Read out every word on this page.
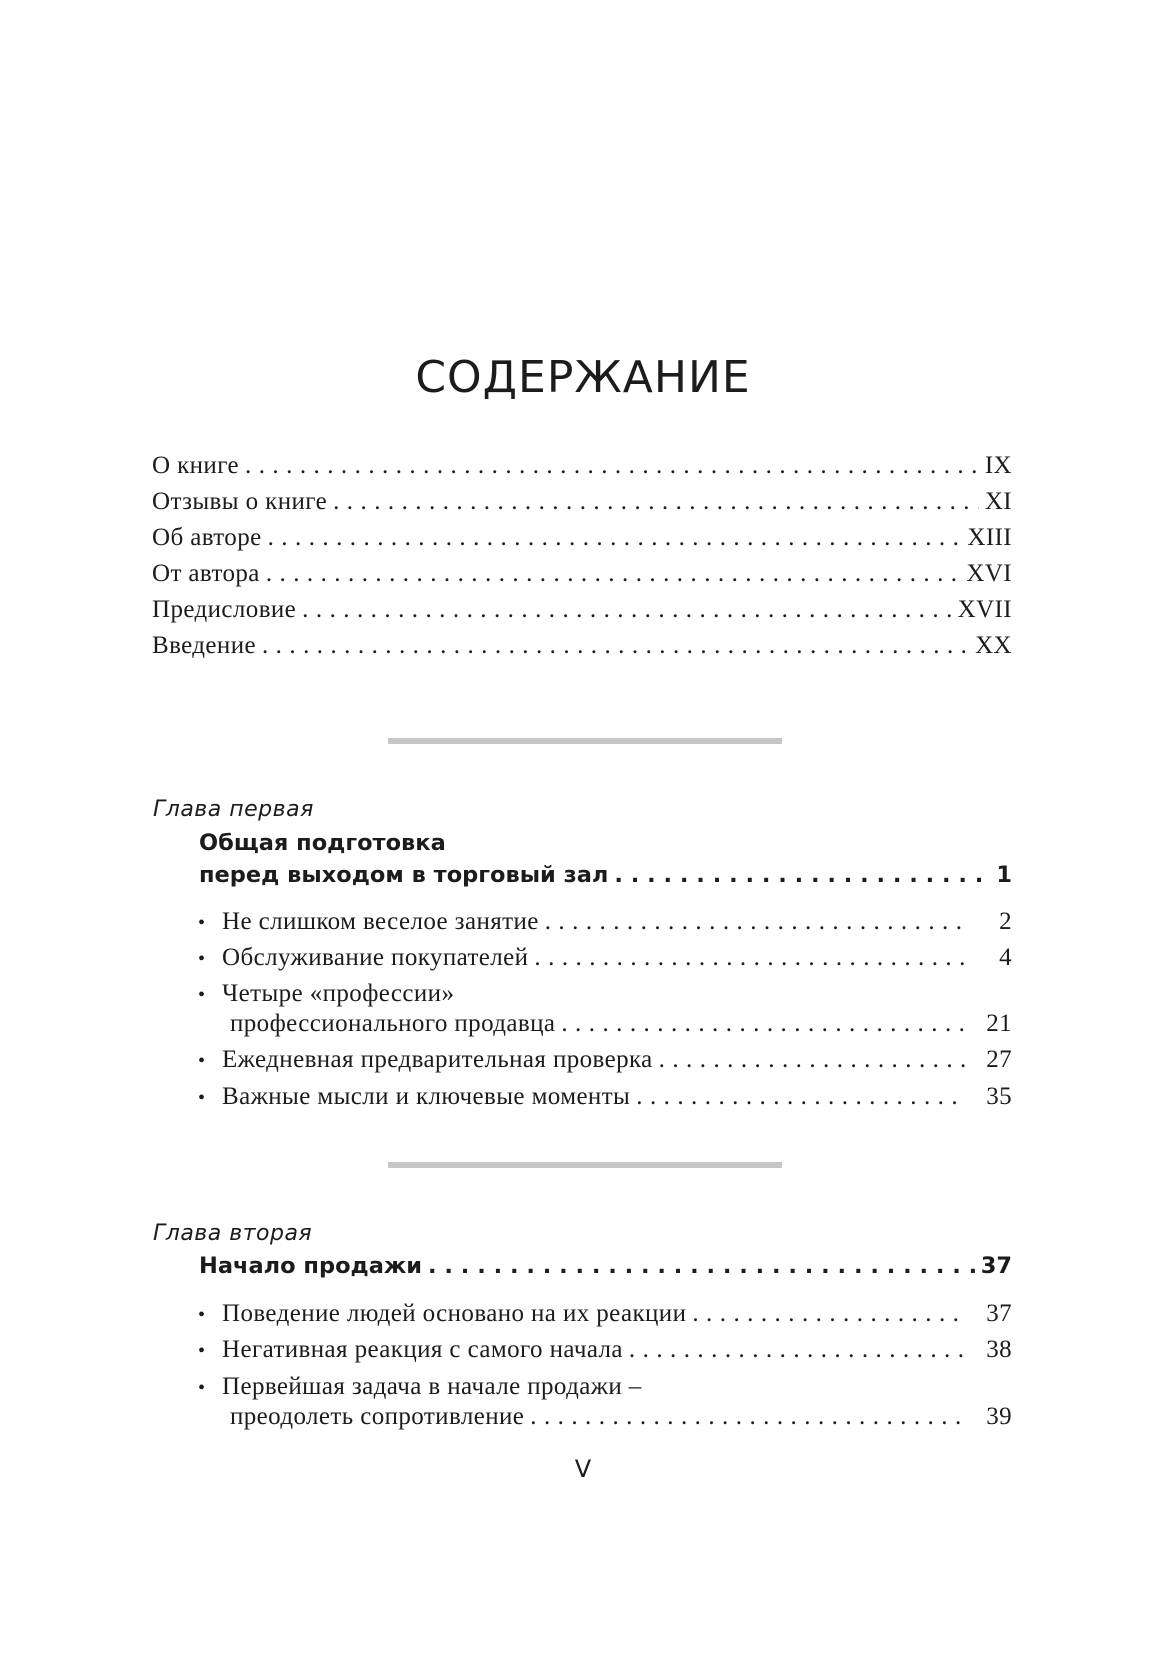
СОДЕРЖАНИЕ
О книге . . .	IX
Отзывы о книге . . .	XI
Об авторе . . .	XIII
От автора . . .	XVI
Предисловие . . .	XVII
Введение . . .	XX
Глава первая
Общая подготовка
перед выходом в торговый зал . . .	1
• Не слишком веселое занятие . . .	2
• Обслуживание покупателей . . .	4
• Четыре «профессии»
профессионального продавца . . .	21
• Ежедневная предварительная проверка . . .	27
• Важные мысли и ключевые моменты . . .	35
Глава вторая
Начало продажи . . .	37
• Поведение людей основано на их реакции . . .	37
• Негативная реакция с самого начала . . .	38
• Первейшая задача в начале продажи –
преодолеть сопротивление . . .	39
V
